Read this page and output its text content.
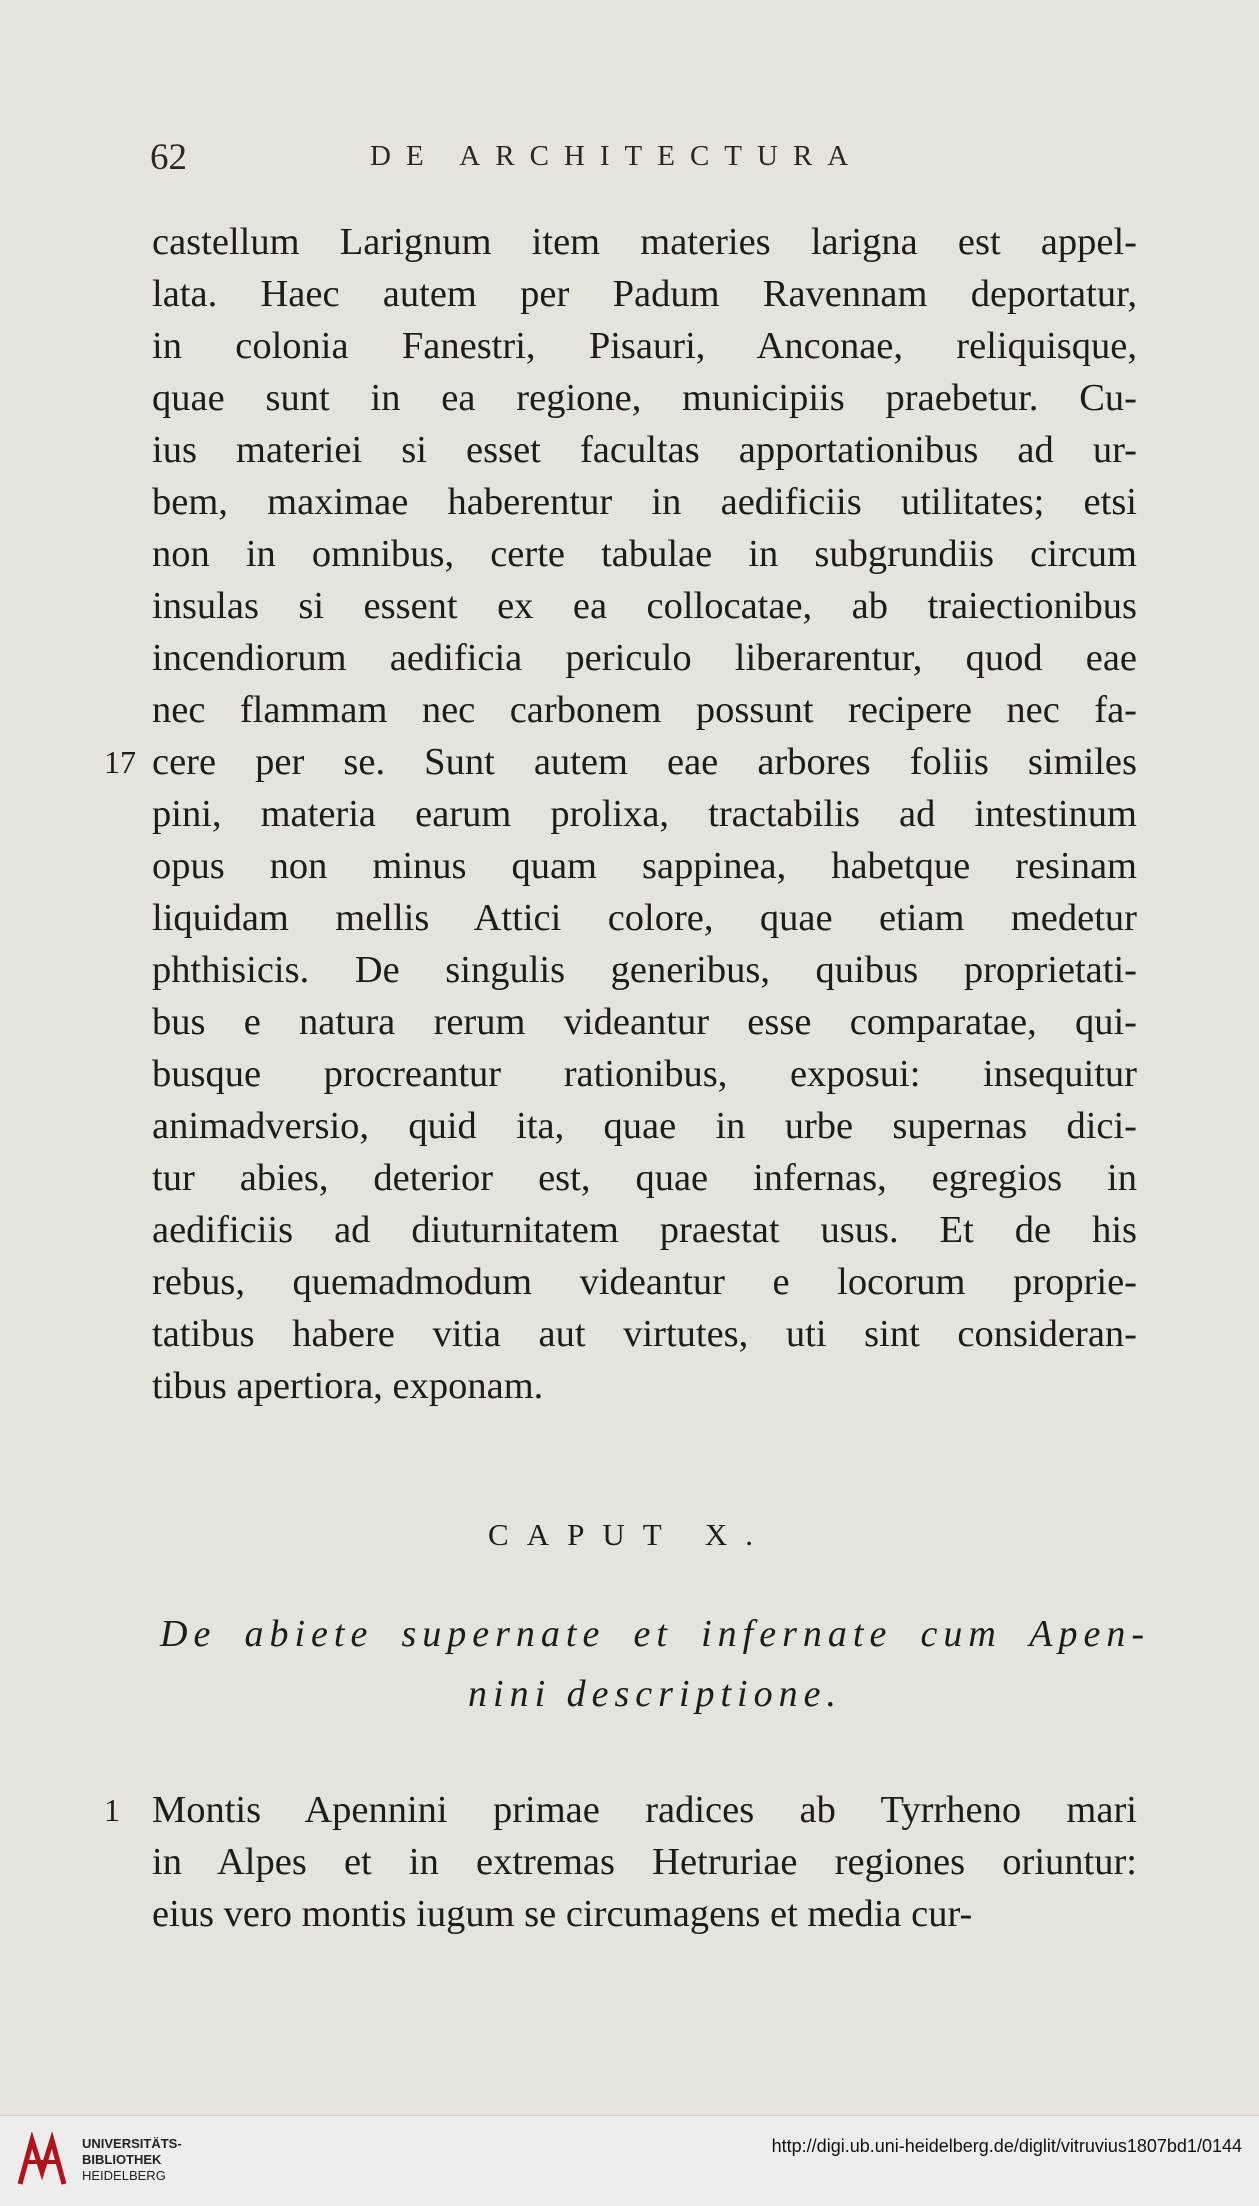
62	DE ARCHITECTURA
castellum Larignum item materies larigna est appel-
lata. Haec autem per Padum Ravennam deportatur,
in colonia Fanestri, Pisauri, Anconae, reliquisque,
quae sunt in ea regione, municipiis praebetur. Cu-
ius materiei si esset facultas apportationibus ad ur-
bem, maximae haberentur in aedificiis utilitates; etsi
non in omnibus, certe tabulae in subgrundiis circum
insulas si essent ex ea collocatae, ab traiectionibus
incendiorum aedificia periculo liberarentur, quod eae
nec flammam nec carbonem possunt recipere nec fa-
cere per se. Sunt autem eae arbores foliis similes
17
pini, materia earum prolixa, tractabilis ad intestinum
opus non minus quam sappinea, habetque resinam
liquidam mellis Attici colore, quae etiam medetur
phthisicis. De singulis generibus, quibus proprietati-
bus e natura rerum videantur esse comparatae, qui-
busque procreantur rationibus, exposui: insequitur
animadversio, quid ita, quae in urbe supernas dici-
tur abies, deterior est, quae infernas, egregios in
aedificiis ad diuturnitatem praestat usus. Et de his
rebus, quemadmodum videantur e locorum proprie-
tatibus habere vitia aut virtutes, uti sint consideran-
tibus apertiora, exponam.
CAPUT X.
De abiete supernate et infernate cum Apen-
nini descriptione.
Montis Apennini primae radices ab Tyrrheno mari
1
in Alpes et in extremas Hetruriae regiones oriuntur:
eius vero montis iugum se circumagens et media cur-
UNIVERSITÄTS-
BIBLIOTHEK
HEIDELBERG
http://digi.ub.uni-heidelberg.de/diglit/vitruvius1807bd1/0144
